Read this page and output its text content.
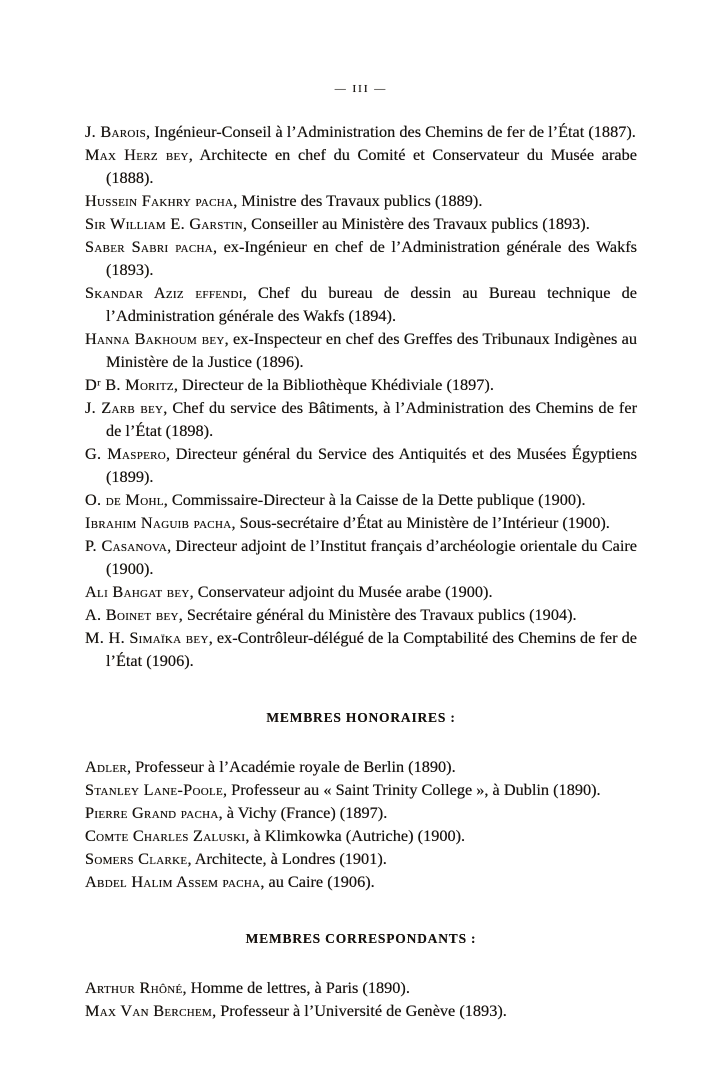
— III —

J. Barois, Ingénieur-Conseil à l’Administration des Chemins de fer de l’État (1887).

Max Herz bey, Architecte en chef du Comité et Conservateur du Musée arabe (1888).

Hussein Fakhry pacha, Ministre des Travaux publics (1889).

Sir William E. Garstin, Conseiller au Ministère des Travaux publics (1893).

Saber Sabri pacha, ex-Ingénieur en chef de l’Administration générale des Wakfs (1893).

Skandar Aziz effendi, Chef du bureau de dessin au Bureau technique de l’Administration générale des Wakfs (1894).

Hanna Bakhoum bey, ex-Inspecteur en chef des Greffes des Tribunaux Indigènes au Ministère de la Justice (1896).

Dʳ B. Moritz, Directeur de la Bibliothèque Khédiviale (1897).

J. Zarb bey, Chef du service des Bâtiments, à l’Administration des Chemins de fer de l’État (1898).

G. Maspero, Directeur général du Service des Antiquités et des Musées Égyptiens (1899).

O. de Mohl, Commissaire-Directeur à la Caisse de la Dette publique (1900).

Ibrahim Naguib pacha, Sous-secrétaire d’État au Ministère de l’Intérieur (1900).

P. Casanova, Directeur adjoint de l’Institut français d’archéologie orientale du Caire (1900).

Ali Bahgat bey, Conservateur adjoint du Musée arabe (1900).

A. Boinet bey, Secrétaire général du Ministère des Travaux publics (1904).

M. H. Simaïka bey, ex-Contrôleur-délégué de la Comptabilité des Chemins de fer de l’État (1906).

MEMBRES HONORAIRES :

Adler, Professeur à l’Académie royale de Berlin (1890).

Stanley Lane-Poole, Professeur au « Saint Trinity College », à Dublin (1890).

Pierre Grand pacha, à Vichy (France) (1897).

Comte Charles Zaluski, à Klimkowka (Autriche) (1900).

Somers Clarke, Architecte, à Londres (1901).

Abdel Halim Assem pacha, au Caire (1906).

MEMBRES CORRESPONDANTS :

Arthur Rhôné, Homme de lettres, à Paris (1890).

Max Van Berchem, Professeur à l’Université de Genève (1893).
